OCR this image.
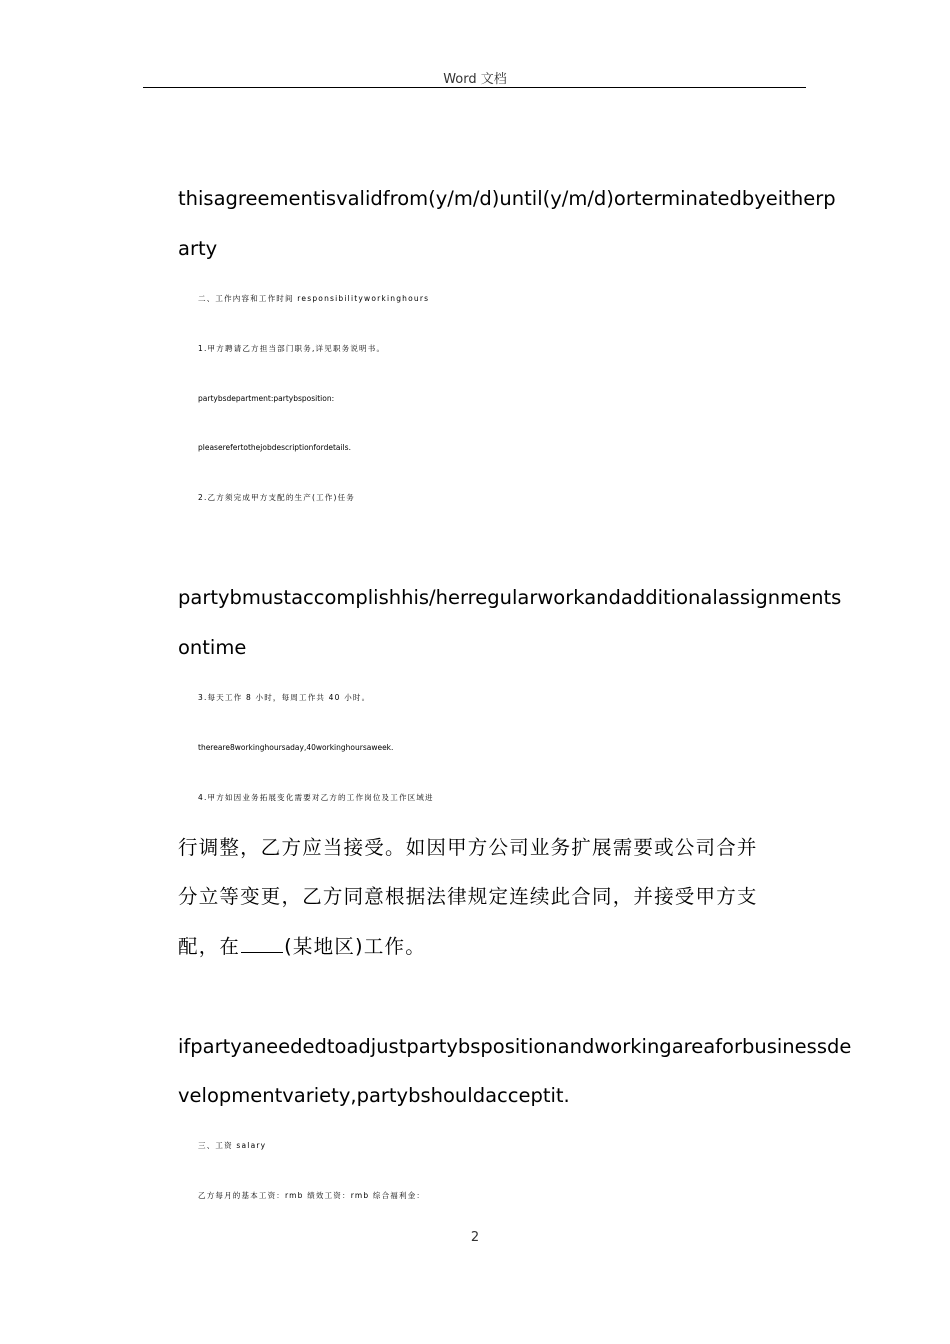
Word 文档
thisagreementisvalidfrom(y/m/d)until(y/m/d)orterminatedbyeitherp
arty
二、工作内容和工作时间 responsibilityworkinghours
1.甲方聘请乙方担当部门职务,详见职务说明书。
partybsdepartment:partybsposition:
pleaserefertothejobdescriptionfordetails.
2.乙方须完成甲方支配的生产(工作)任务
partybmustaccomplishhis/herregularworkandadditionalassignments
ontime
3.每天工作 8 小时，每周工作共 40 小时。
thereare8workinghoursaday,40workinghoursaweek.
4.甲方如因业务拓展变化需要对乙方的工作岗位及工作区域进
行调整，乙方应当接受。如因甲方公司业务扩展需要或公司合并
分立等变更，乙方同意根据法律规定连续此合同，并接受甲方支
配，在 (某地区)工作。
ifpartyaneededtoadjustpartybspositionandworkingareaforbusinessde
velopmentvariety,partybshouldacceptit.
三、工资 salary
乙方每月的基本工资：rmb 绩效工资：rmb 综合福利金：
2
